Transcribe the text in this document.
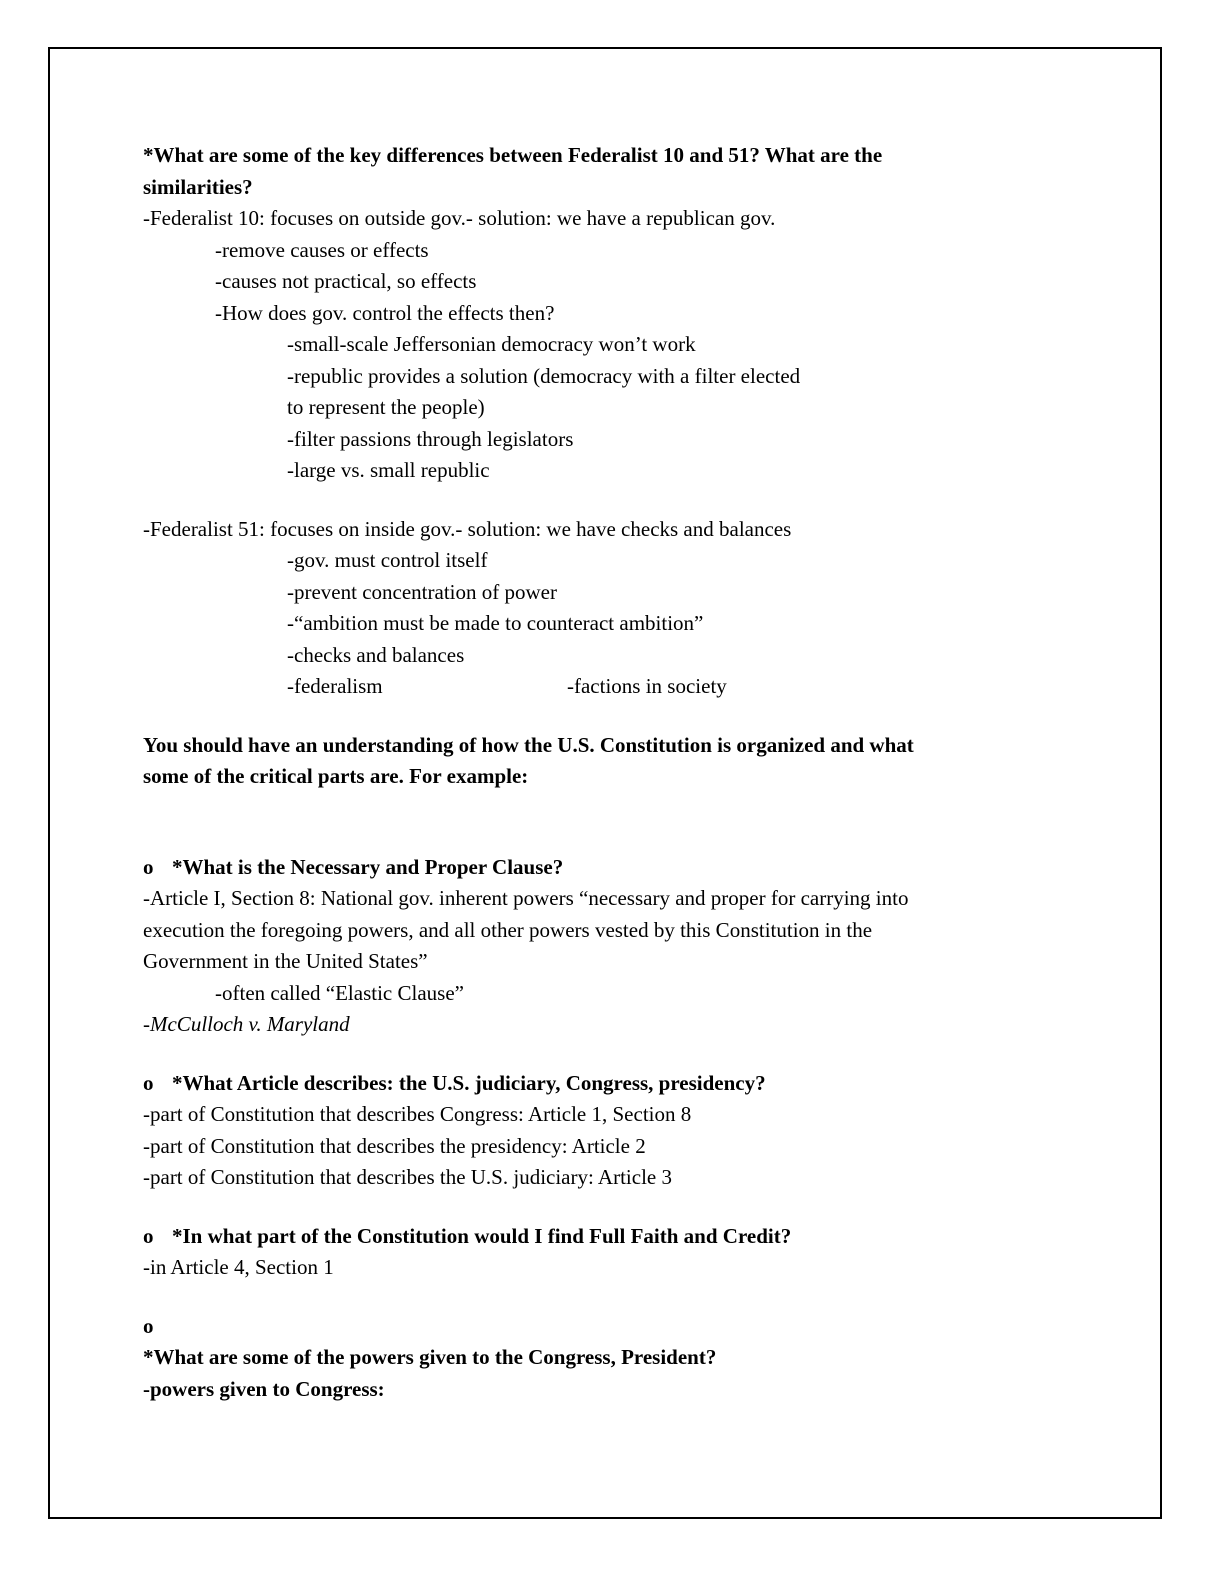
*What are some of the key differences between Federalist 10 and 51? What are the
similarities?
-Federalist 10: focuses on outside gov.- solution: we have a republican gov.
-remove causes or effects
-causes not practical, so effects
-How does gov. control the effects then?
-small-scale Jeffersonian democracy won’t work
-republic provides a solution (democracy with a filter elected
to represent the people)
-filter passions through legislators
-large vs. small republic
-Federalist 51: focuses on inside gov.- solution: we have checks and balances
-gov. must control itself
-prevent concentration of power
-“ambition must be made to counteract ambition”
-checks and balances
-federalism	-factions in society
You should have an understanding of how the U.S. Constitution is organized and what
some of the critical parts are. For example:
o *What is the Necessary and Proper Clause?
-Article I, Section 8: National gov. inherent powers “necessary and proper for carrying into
execution the foregoing powers, and all other powers vested by this Constitution in the
Government in the United States”
-often called “Elastic Clause”
-McCulloch v. Maryland
o *What Article describes: the U.S. judiciary, Congress, presidency?
-part of Constitution that describes Congress: Article 1, Section 8
-part of Constitution that describes the presidency: Article 2
-part of Constitution that describes the U.S. judiciary: Article 3
o *In what part of the Constitution would I find Full Faith and Credit?
-in Article 4, Section 1
o
*What are some of the powers given to the Congress, President?
-powers given to Congress:
